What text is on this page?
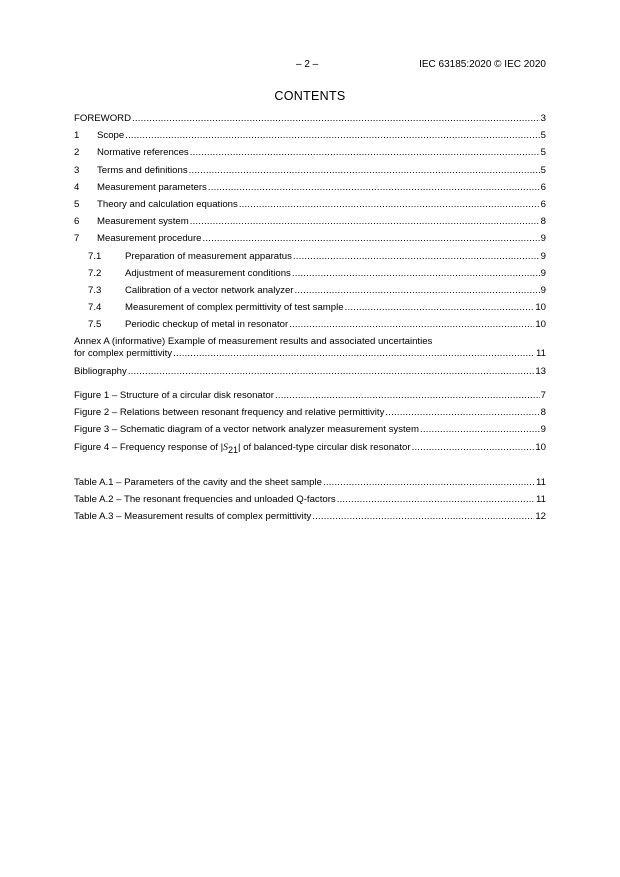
– 2 –	IEC 63185:2020 © IEC 2020
CONTENTS
FOREWORD .....	3
1	Scope .....	5
2	Normative references .....	5
3	Terms and definitions .....	5
4	Measurement parameters .....	6
5	Theory and calculation equations .....	6
6	Measurement system .....	8
7	Measurement procedure .....	9
7.1	Preparation of measurement apparatus .....	9
7.2	Adjustment of measurement conditions .....	9
7.3	Calibration of a vector network analyzer .....	9
7.4	Measurement of complex permittivity of test sample .....	10
7.5	Periodic checkup of metal in resonator .....	10
Annex A (informative) Example of measurement results and associated uncertainties
for complex permittivity .....	11
Bibliography .....	13
Figure 1 – Structure of a circular disk resonator .....	7
Figure 2 – Relations between resonant frequency and relative permittivity .....	8
Figure 3 – Schematic diagram of a vector network analyzer measurement system .....	9
Figure 4 – Frequency response of $|S_{21}|$ of balanced-type circular disk resonator .....	10
Table A.1 – Parameters of the cavity and the sheet sample .....	11
Table A.2 – The resonant frequencies and unloaded Q-factors .....	11
Table A.3 – Measurement results of complex permittivity .....	12
